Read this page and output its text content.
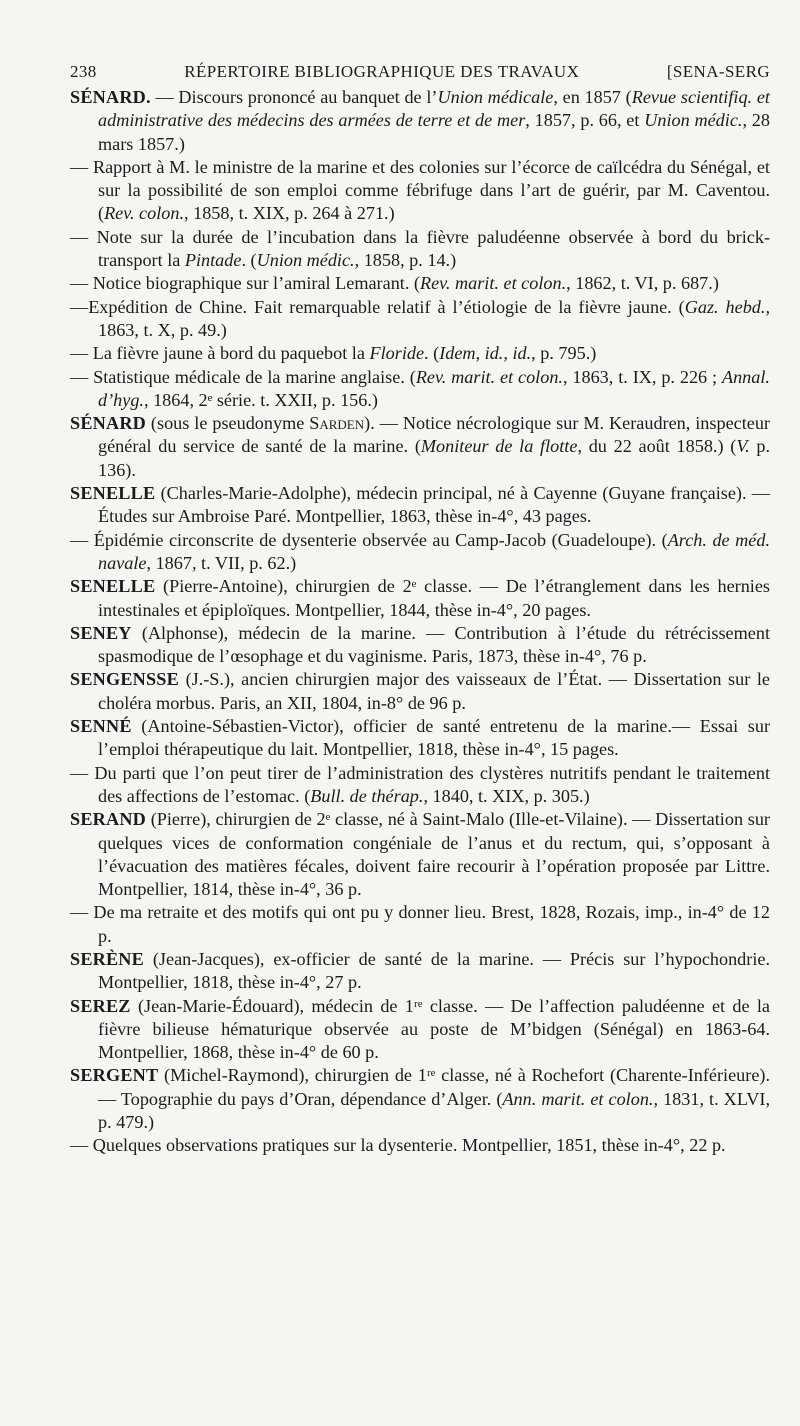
238	RÉPERTOIRE BIBLIOGRAPHIQUE DES TRAVAUX	[SENA-SERG

SÉNARD. — Discours prononcé au banquet de l’Union médicale, en 1857 (Revue scientifiq. et administrative des médecins des armées de terre et de mer, 1857, p. 66, et Union médic., 28 mars 1857.)

— Rapport à M. le ministre de la marine et des colonies sur l’écorce de caïlcédra du Sénégal, et sur la possibilité de son emploi comme fébrifuge dans l’art de guérir, par M. Caventou. (Rev. colon., 1858, t. XIX, p. 264 à 271.)

— Note sur la durée de l’incubation dans la fièvre paludéenne observée à bord du brick-transport la Pintade. (Union médic., 1858, p. 14.)

— Notice biographique sur l’amiral Lemarant. (Rev. marit. et colon., 1862, t. VI, p. 687.)

—Expédition de Chine. Fait remarquable relatif à l’étiologie de la fièvre jaune. (Gaz. hebd., 1863, t. X, p. 49.)

— La fièvre jaune à bord du paquebot la Floride. (Idem, id., id., p. 795.)

— Statistique médicale de la marine anglaise. (Rev. marit. et colon., 1863, t. IX, p. 226 ; Annal. d’hyg., 1864, 2ᵉ série. t. XXII, p. 156.)

SÉNARD (sous le pseudonyme Sarden). — Notice nécrologique sur M. Keraudren, inspecteur général du service de santé de la marine. (Moniteur de la flotte, du 22 août 1858.) (V. p. 136).

SENELLE (Charles-Marie-Adolphe), médecin principal, né à Cayenne (Guyane française). — Études sur Ambroise Paré. Montpellier, 1863, thèse in-4°, 43 pages.

— Épidémie circonscrite de dysenterie observée au Camp-Jacob (Guadeloupe). (Arch. de méd. navale, 1867, t. VII, p. 62.)

SENELLE (Pierre-Antoine), chirurgien de 2ᵉ classe. — De l’étranglement dans les hernies intestinales et épiploïques. Montpellier, 1844, thèse in-4°, 20 pages.

SENEY (Alphonse), médecin de la marine. — Contribution à l’étude du rétrécissement spasmodique de l’œsophage et du vaginisme. Paris, 1873, thèse in-4°, 76 p.

SENGENSSE (J.-S.), ancien chirurgien major des vaisseaux de l’État. — Dissertation sur le choléra morbus. Paris, an XII, 1804, in-8° de 96 p.

SENNÉ (Antoine-Sébastien-Victor), officier de santé entretenu de la marine.— Essai sur l’emploi thérapeutique du lait. Montpellier, 1818, thèse in-4°, 15 pages.

— Du parti que l’on peut tirer de l’administration des clystères nutritifs pendant le traitement des affections de l’estomac. (Bull. de thérap., 1840, t. XIX, p. 305.)

SERAND (Pierre), chirurgien de 2ᵉ classe, né à Saint-Malo (Ille-et-Vilaine). — Dissertation sur quelques vices de conformation congéniale de l’anus et du rectum, qui, s’opposant à l’évacuation des matières fécales, doivent faire recourir à l’opération proposée par Littre. Montpellier, 1814, thèse in-4°, 36 p.

— De ma retraite et des motifs qui ont pu y donner lieu. Brest, 1828, Rozais, imp., in-4° de 12 p.

SERÈNE (Jean-Jacques), ex-officier de santé de la marine. — Précis sur l’hypochondrie. Montpellier, 1818, thèse in-4°, 27 p.

SEREZ (Jean-Marie-Édouard), médecin de 1ʳᵉ classe. — De l’affection paludéenne et de la fièvre bilieuse hématurique observée au poste de M’bidgen (Sénégal) en 1863-64. Montpellier, 1868, thèse in-4° de 60 p.

SERGENT (Michel-Raymond), chirurgien de 1ʳᵉ classe, né à Rochefort (Charente-Inférieure). — Topographie du pays d’Oran, dépendance d’Alger. (Ann. marit. et colon., 1831, t. XLVI, p. 479.)

— Quelques observations pratiques sur la dysenterie. Montpellier, 1851, thèse in-4°, 22 p.
